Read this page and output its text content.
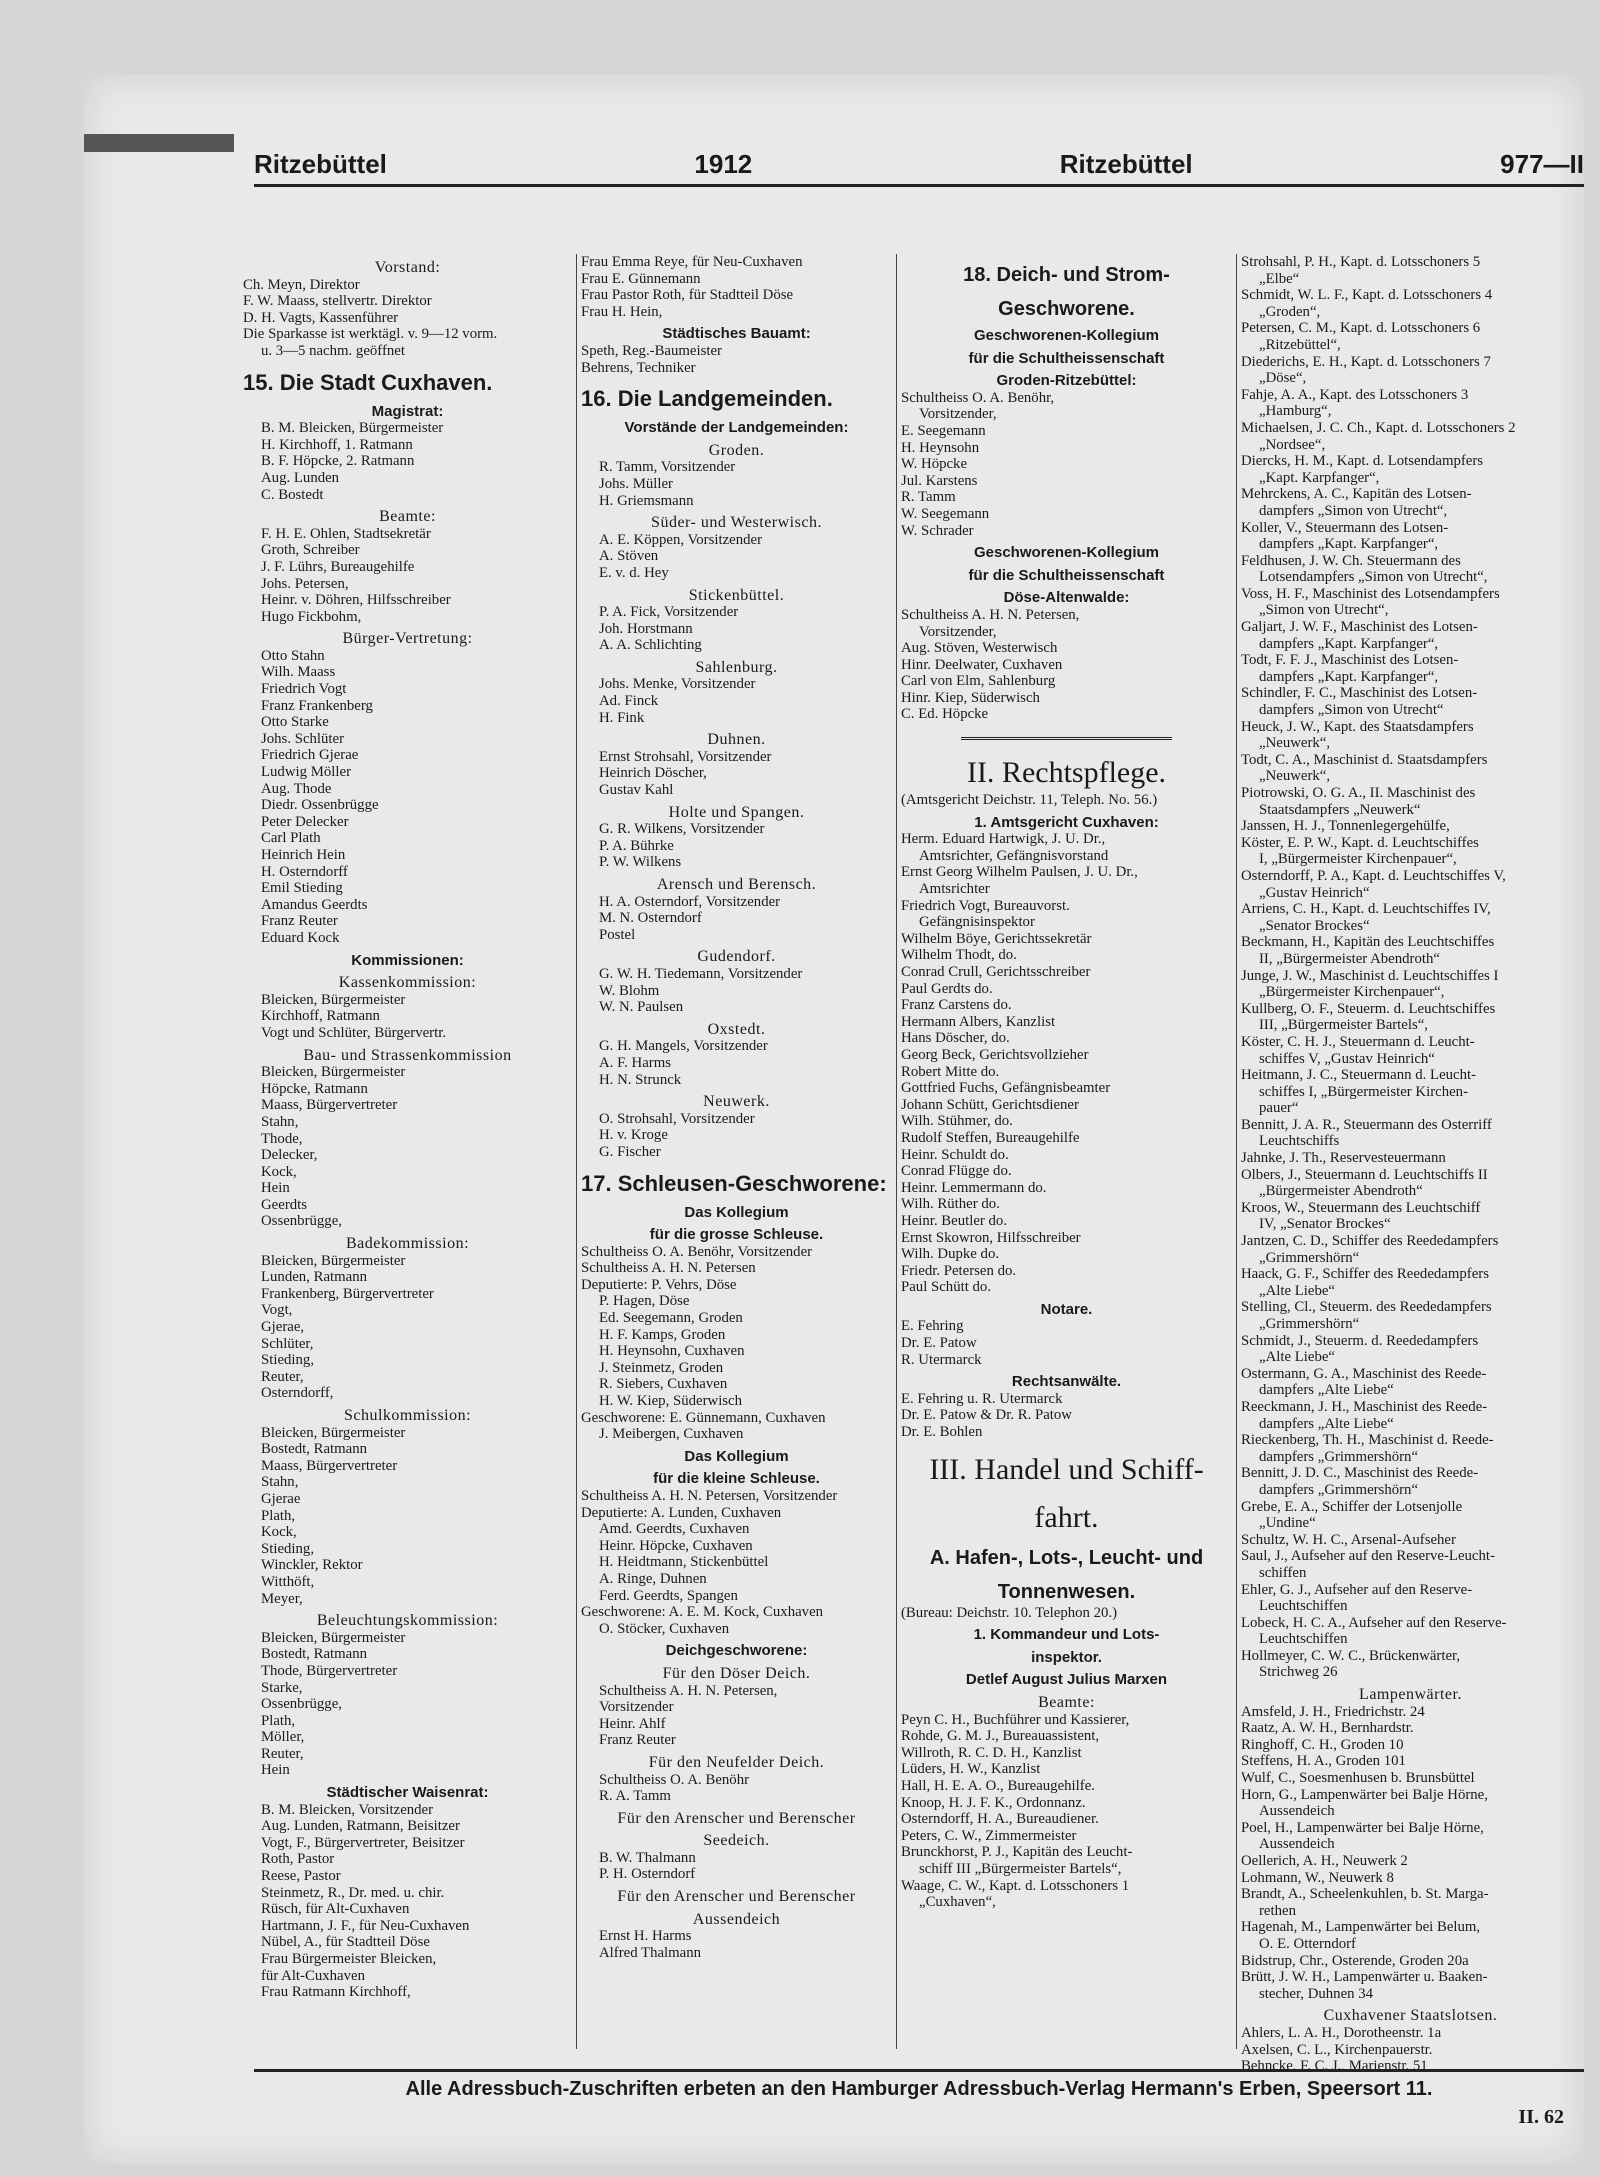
Ritzebüttel	1912	Ritzebüttel	977—II
Vorstand:
Ch. Meyn, Direktor
F. W. Maass, stellvertr. Direktor
D. H. Vagts, Kassenführer
Die Sparkasse ist werktägl. v. 9—12 vorm.
u. 3—5 nachm. geöffnet
15. Die Stadt Cuxhaven.
Magistrat:
B. M. Bleicken, Bürgermeister
H. Kirchhoff, 1. Ratmann
B. F. Höpcke, 2. Ratmann
Aug. Lunden
C. Bostedt
Beamte:
F. H. E. Ohlen, Stadtsekretär
Groth, Schreiber
J. F. Lührs, Bureaugehilfe
Johs. Petersen,
Heinr. v. Döhren, Hilfsschreiber
Hugo Fickbohm,
Bürger-Vertretung:
Otto Stahn
Wilh. Maass
Friedrich Vogt
Franz Frankenberg
Otto Starke
Johs. Schlüter
Friedrich Gjerae
Ludwig Möller
Aug. Thode
Diedr. Ossenbrügge
Peter Delecker
Carl Plath
Heinrich Hein
H. Osterndorff
Emil Stieding
Amandus Geerdts
Franz Reuter
Eduard Kock
Kommissionen:
Kassenkommission:
Bleicken, Bürgermeister
Kirchhoff, Ratmann
Vogt und Schlüter, Bürgervertr.
Bau- und Strassenkommission
Bleicken, Bürgermeister
Höpcke, Ratmann
Maass, Bürgervertreter
Stahn,
Thode,
Delecker,
Kock,
Hein
Geerdts
Ossenbrügge,
Badekommission:
Bleicken, Bürgermeister
Lunden, Ratmann
Frankenberg, Bürgervertreter
Vogt,
Gjerae,
Schlüter,
Stieding,
Reuter,
Osterndorff,
Schulkommission:
Bleicken, Bürgermeister
Bostedt, Ratmann
Maass, Bürgervertreter
Stahn,
Gjerae
Plath,
Kock,
Stieding,
Winckler, Rektor
Witthöft,
Meyer,
Beleuchtungskommission:
Bleicken, Bürgermeister
Bostedt, Ratmann
Thode, Bürgervertreter
Starke,
Ossenbrügge,
Plath,
Möller,
Reuter,
Hein
Städtischer Waisenrat:
B. M. Bleicken, Vorsitzender
Aug. Lunden, Ratmann, Beisitzer
Vogt, F., Bürgervertreter, Beisitzer
Roth, Pastor
Reese, Pastor
Steinmetz, R., Dr. med. u. chir.
Rüsch, für Alt-Cuxhaven
Hartmann, J. F., für Neu-Cuxhaven
Nübel, A., für Stadtteil Döse
Frau Bürgermeister Bleicken,
für Alt-Cuxhaven
Frau Ratmann Kirchhoff,
Frau Emma Reye, für Neu-Cuxhaven
Frau E. Günnemann
Frau Pastor Roth, für Stadtteil Döse
Frau H. Hein,
Städtisches Bauamt:
Speth, Reg.-Baumeister
Behrens, Techniker
16. Die Landgemeinden.
Vorstände der Landgemeinden:
Groden.
R. Tamm, Vorsitzender
Johs. Müller
H. Griemsmann
Süder- und Westerwisch.
A. E. Köppen, Vorsitzender
A. Stöven
E. v. d. Hey
Stickenbüttel.
P. A. Fick, Vorsitzender
Joh. Horstmann
A. A. Schlichting
Sahlenburg.
Johs. Menke, Vorsitzender
Ad. Finck
H. Fink
Duhnen.
Ernst Strohsahl, Vorsitzender
Heinrich Döscher,
Gustav Kahl
Holte und Spangen.
G. R. Wilkens, Vorsitzender
P. A. Bührke
P. W. Wilkens
Arensch und Berensch.
H. A. Osterndorf, Vorsitzender
M. N. Osterndorf
Postel
Gudendorf.
G. W. H. Tiedemann, Vorsitzender
W. Blohm
W. N. Paulsen
Oxstedt.
G. H. Mangels, Vorsitzender
A. F. Harms
H. N. Strunck
Neuwerk.
O. Strohsahl, Vorsitzender
H. v. Kroge
G. Fischer
17. Schleusen-Geschworene:
Das Kollegium
für die grosse Schleuse.
Schultheiss O. A. Benöhr, Vorsitzender
Schultheiss A. H. N. Petersen
Deputierte: P. Vehrs, Döse
P. Hagen, Döse
Ed. Seegemann, Groden
H. F. Kamps, Groden
H. Heynsohn, Cuxhaven
J. Steinmetz, Groden
R. Siebers, Cuxhaven
H. W. Kiep, Süderwisch
Geschworene: E. Günnemann, Cuxhaven
J. Meibergen, Cuxhaven
Das Kollegium
für die kleine Schleuse.
Schultheiss A. H. N. Petersen, Vorsitzender
Deputierte: A. Lunden, Cuxhaven
Amd. Geerdts, Cuxhaven
Heinr. Höpcke, Cuxhaven
H. Heidtmann, Stickenbüttel
A. Ringe, Duhnen
Ferd. Geerdts, Spangen
Geschworene: A. E. M. Kock, Cuxhaven
O. Stöcker, Cuxhaven
Deichgeschworene:
Für den Döser Deich.
Schultheiss A. H. N. Petersen,
Vorsitzender
Heinr. Ahlf
Franz Reuter
Für den Neufelder Deich.
Schultheiss O. A. Benöhr
R. A. Tamm
Für den Arenscher und Berenscher
Seedeich.
B. W. Thalmann
P. H. Osterndorf
Für den Arenscher und Berenscher
Aussendeich
Ernst H. Harms
Alfred Thalmann
18. Deich- und Strom-
Geschworene.
Geschworenen-Kollegium
für die Schultheissenschaft
Groden-Ritzebüttel:
Schultheiss O. A. Benöhr,
Vorsitzender,
E. Seegemann
H. Heynsohn
W. Höpcke
Jul. Karstens
R. Tamm
W. Seegemann
W. Schrader
Geschworenen-Kollegium
für die Schultheissenschaft
Döse-Altenwalde:
Schultheiss A. H. N. Petersen,
Vorsitzender,
Aug. Stöven, Westerwisch
Hinr. Deelwater, Cuxhaven
Carl von Elm, Sahlenburg
Hinr. Kiep, Süderwisch
C. Ed. Höpcke
II. Rechtspflege.
(Amtsgericht Deichstr. 11, Teleph. No. 56.)
1. Amtsgericht Cuxhaven:
Herm. Eduard Hartwigk, J. U. Dr.,
Amtsrichter, Gefängnisvorstand
Ernst Georg Wilhelm Paulsen, J. U. Dr.,
Amtsrichter
Friedrich Vogt, Bureauvorst.
Gefängnisinspektor
Wilhelm Böye, Gerichtssekretär
Wilhelm Thodt, do.
Conrad Crull, Gerichtsschreiber
Paul Gerdts do.
Franz Carstens do.
Hermann Albers, Kanzlist
Hans Döscher, do.
Georg Beck, Gerichtsvollzieher
Robert Mitte do.
Gottfried Fuchs, Gefängnisbeamter
Johann Schütt, Gerichtsdiener
Wilh. Stühmer, do.
Rudolf Steffen, Bureaugehilfe
Heinr. Schuldt do.
Conrad Flügge do.
Heinr. Lemmermann do.
Wilh. Rüther do.
Heinr. Beutler do.
Ernst Skowron, Hilfsschreiber
Wilh. Dupke do.
Friedr. Petersen do.
Paul Schütt do.
Notare.
E. Fehring
Dr. E. Patow
R. Utermarck
Rechtsanwälte.
E. Fehring u. R. Utermarck
Dr. E. Patow & Dr. R. Patow
Dr. E. Bohlen
III. Handel und Schiff-
fahrt.
A. Hafen-, Lots-, Leucht- und
Tonnenwesen.
(Bureau: Deichstr. 10. Telephon 20.)
1. Kommandeur und Lots-
inspektor.
Detlef August Julius Marxen
Beamte:
Peyn C. H., Buchführer und Kassierer,
Rohde, G. M. J., Bureauassistent,
Willroth, R. C. D. H., Kanzlist
Lüders, H. W., Kanzlist
Hall, H. E. A. O., Bureaugehilfe.
Knoop, H. J. F. K., Ordonnanz.
Osterndorff, H. A., Bureaudiener.
Peters, C. W., Zimmermeister
Brunckhorst, P. J., Kapitän des Leucht-
schiff III „Bürgermeister Bartels“,
Waage, C. W., Kapt. d. Lotsschoners 1
„Cuxhaven“,
Strohsahl, P. H., Kapt. d. Lotsschoners 5
„Elbe“
Schmidt, W. L. F., Kapt. d. Lotsschoners 4
„Groden“,
Petersen, C. M., Kapt. d. Lotsschoners 6
„Ritzebüttel“,
Diederichs, E. H., Kapt. d. Lotsschoners 7
„Döse“,
Fahje, A. A., Kapt. des Lotsschoners 3
„Hamburg“,
Michaelsen, J. C. Ch., Kapt. d. Lotsschoners 2
„Nordsee“,
Diercks, H. M., Kapt. d. Lotsendampfers
„Kapt. Karpfanger“,
Mehrckens, A. C., Kapitän des Lotsen-
dampfers „Simon von Utrecht“,
Koller, V., Steuermann des Lotsen-
dampfers „Kapt. Karpfanger“,
Feldhusen, J. W. Ch. Steuermann des
Lotsendampfers „Simon von Utrecht“,
Voss, H. F., Maschinist des Lotsendampfers
„Simon von Utrecht“,
Galjart, J. W. F., Maschinist des Lotsen-
dampfers „Kapt. Karpfanger“,
Todt, F. F. J., Maschinist des Lotsen-
dampfers „Kapt. Karpfanger“,
Schindler, F. C., Maschinist des Lotsen-
dampfers „Simon von Utrecht“
Heuck, J. W., Kapt. des Staatsdampfers
„Neuwerk“,
Todt, C. A., Maschinist d. Staatsdampfers
„Neuwerk“,
Piotrowski, O. G. A., II. Maschinist des
Staatsdampfers „Neuwerk“
Janssen, H. J., Tonnenlegergehülfe,
Köster, E. P. W., Kapt. d. Leuchtschiffes
I, „Bürgermeister Kirchenpauer“,
Osterndorff, P. A., Kapt. d. Leuchtschiffes V,
„Gustav Heinrich“
Arriens, C. H., Kapt. d. Leuchtschiffes IV,
„Senator Brockes“
Beckmann, H., Kapitän des Leuchtschiffes
II, „Bürgermeister Abendroth“
Junge, J. W., Maschinist d. Leuchtschiffes I
„Bürgermeister Kirchenpauer“,
Kullberg, O. F., Steuerm. d. Leuchtschiffes
III, „Bürgermeister Bartels“,
Köster, C. H. J., Steuermann d. Leucht-
schiffes V, „Gustav Heinrich“
Heitmann, J. C., Steuermann d. Leucht-
schiffes I, „Bürgermeister Kirchen-
pauer“
Bennitt, J. A. R., Steuermann des Osterriff
Leuchtschiffs
Jahnke, J. Th., Reservesteuermann
Olbers, J., Steuermann d. Leuchtschiffs II
„Bürgermeister Abendroth“
Kroos, W., Steuermann des Leuchtschiff
IV, „Senator Brockes“
Jantzen, C. D., Schiffer des Reededampfers
„Grimmershörn“
Haack, G. F., Schiffer des Reededampfers
„Alte Liebe“
Stelling, Cl., Steuerm. des Reededampfers
„Grimmershörn“
Schmidt, J., Steuerm. d. Reededampfers
„Alte Liebe“
Ostermann, G. A., Maschinist des Reede-
dampfers „Alte Liebe“
Reeckmann, J. H., Maschinist des Reede-
dampfers „Alte Liebe“
Rieckenberg, Th. H., Maschinist d. Reede-
dampfers „Grimmershörn“
Bennitt, J. D. C., Maschinist des Reede-
dampfers „Grimmershörn“
Grebe, E. A., Schiffer der Lotsenjolle
„Undine“
Schultz, W. H. C., Arsenal-Aufseher
Saul, J., Aufseher auf den Reserve-Leucht-
schiffen
Ehler, G. J., Aufseher auf den Reserve-
Leuchtschiffen
Lobeck, H. C. A., Aufseher auf den Reserve-
Leuchtschiffen
Hollmeyer, C. W. C., Brückenwärter,
Strichweg 26
Lampenwärter.
Amsfeld, J. H., Friedrichstr. 24
Raatz, A. W. H., Bernhardstr.
Ringhoff, C. H., Groden 10
Steffens, H. A., Groden 101
Wulf, C., Soesmenhusen b. Brunsbüttel
Horn, G., Lampenwärter bei Balje Hörne,
Aussendeich
Poel, H., Lampenwärter bei Balje Hörne,
Aussendeich
Oellerich, A. H., Neuwerk 2
Lohmann, W., Neuwerk 8
Brandt, A., Scheelenkuhlen, b. St. Marga-
rethen
Hagenah, M., Lampenwärter bei Belum,
O. E. Otterndorf
Bidstrup, Chr., Osterende, Groden 20a
Brütt, J. W. H., Lampenwärter u. Baaken-
stecher, Duhnen 34
Cuxhavener Staatslotsen.
Ahlers, L. A. H., Dorotheenstr. 1a
Axelsen, C. L., Kirchenpauerstr.
Behncke, F. C. J., Marienstr. 51
Alle Adressbuch-Zuschriften erbeten an den Hamburger Adressbuch-Verlag Hermann's Erben, Speersort 11.
II. 62
